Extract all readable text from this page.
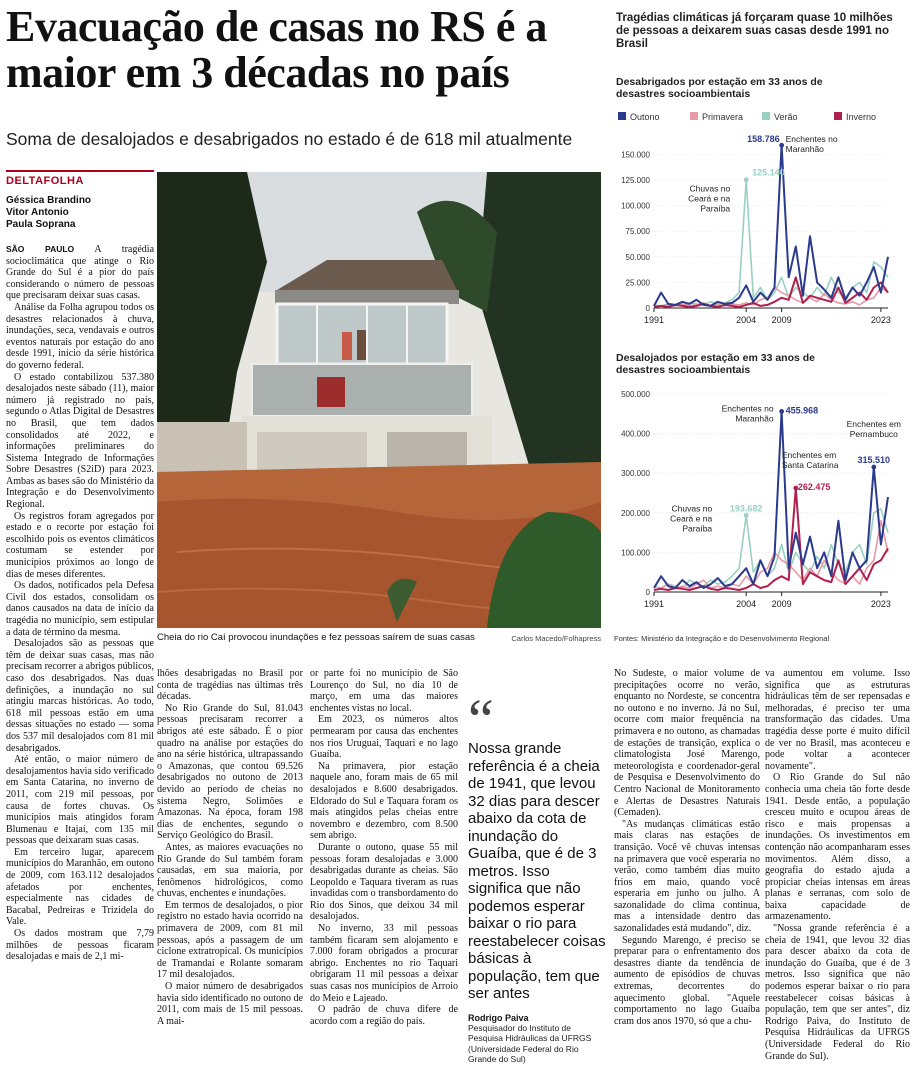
Evacuação de casas no RS é a maior em 3 décadas no país
Soma de desalojados e desabrigados no estado é de 618 mil atualmente
DELTAFOLHA
Géssica Brandino
Vitor Antonio
Paula Soprana

SÃO PAULO A tragédia socioclimática que atinge o Rio Grande do Sul é a pior do país considerando o número de pessoas que precisaram deixar suas casas.

Análise da Folha agrupou todos os desastres relacionados à chuva, inundações, seca, vendavais e outros eventos naturais por estação do ano desde 1991, início da série histórica do governo federal.

O estado contabilizou 537.380 desalojados neste sábado (11), maior número já registrado no país, segundo o Atlas Digital de Desastres no Brasil, que tem dados consolidados até 2022, e informações preliminares do Sistema Integrado de Informações Sobre Desastres (S2iD) para 2023. Ambas as bases são do Ministério da Integração e do Desenvolvimento Regional.

Os registros foram agregados por estado e o recorte por estação foi escolhido pois os eventos climáticos costumam se estender por municípios próximos ao longo de dias de meses diferentes.

Os dados, notificados pela Defesa Civil dos estados, consolidam os danos causados na data de início da tragédia no município, sem estipular a data de término da mesma.

Desalojados são as pessoas que têm de deixar suas casas, mas não precisam recorrer a abrigos públicos, caso dos desabrigados. Nas duas definições, a inundação no sul atingiu marcas históricas. Ao todo, 618 mil pessoas estão em uma dessas situações no estado — soma dos 537 mil desalojados com 81 mil desabrigados.

Até então, o maior número de desalojamentos havia sido verificado em Santa Catarina, no inverno de 2011, com 219 mil pessoas, por causa de fortes chuvas. Os municípios mais atingidos foram Blumenau e Itajaí, com 135 mil pessoas que deixaram suas casas.

Em terceiro lugar, aparecem municípios do Maranhão, em outono de 2009, com 163.112 desalojados afetados por enchentes, especialmente nas cidades de Bacabal, Pedreiras e Trizidela do Vale.

Os dados mostram que 7,79 milhões de pessoas ficaram desalojadas e mais de 2,1 mi-

Cheia do rio Caí provocou inundações e fez pessoas saírem de suas casas	Carlos Macedo/Folhapress

lhões desabrigadas no Brasil por conta de tragédias nas últimas três décadas.

No Rio Grande do Sul, 81.043 pessoas precisaram recorrer a abrigos até este sábado. É o pior quadro na análise por estações do ano na série histórica, ultrapassando o Amazonas, que contou 69.526 desabrigados no outono de 2013 devido ao período de cheias no sistema Negro, Solimões e Amazonas. Na época, foram 198 dias de enchentes, segundo o Serviço Geológico do Brasil.

Antes, as maiores evacuações no Rio Grande do Sul também foram causadas, em sua maioria, por fenômenos hidrológicos, como chuvas, enchentes e inundações.

Em termos de desalojados, o pior registro no estado havia ocorrido na primavera de 2009, com 81 mil pessoas, após a passagem de um ciclone extratropical. Os municípios de Tramandaí e Rolante somaram 17 mil desalojados.

O maior número de desabrigados havia sido identificado no outono de 2011, com mais de 15 mil pessoas. A mai-

or parte foi no município de São Lourenço do Sul, no dia 10 de março, em uma das maiores enchentes vistas no local.

Em 2023, os números altos permearam por causa das enchentes nos rios Uruguai, Taquari e no lago Guaíba.

Na primavera, pior estação naquele ano, foram mais de 65 mil desalojados e 8.600 desabrigados. Eldorado do Sul e Taquara foram os mais atingidos pelas cheias entre novembro e dezembro, com 8.500 sem abrigo.

Durante o outono, quase 55 mil pessoas foram desalojadas e 3.000 desabrigadas durante as cheias. São Leopoldo e Taquara tiveram as ruas invadidas com o transbordamento do Rio dos Sinos, que deixou 34 mil desalojados.

No inverno, 33 mil pessoas também ficaram sem alojamento e 7.000 foram obrigados a procurar abrigo. Enchentes no rio Taquari obrigaram 11 mil pessoas a deixar suas casas nos municípios de Arroio do Meio e Lajeado.

O padrão de chuva difere de acordo com a região do país.

“
Nossa grande referência é a cheia de 1941, que levou 32 dias para descer abaixo da cota de inundação do Guaíba, que é de 3 metros. Isso significa que não podemos esperar baixar o rio para reestabelecer coisas básicas à população, tem que ser antes
Rodrigo Paiva
Pesquisador do Instituto de Pesquisa Hidráulicas da UFRGS (Universidade Federal do Rio Grande do Sul)

No Sudeste, o maior volume de precipitações ocorre no verão, enquanto no Nordeste, se concentra no outono e no inverno. Já no Sul, ocorre com maior frequência na primavera e no outono, as chamadas de estações de transição, explica o climatologista José Marengo, meteorologista e coordenador-geral de Pesquisa e Desenvolvimento do Centro Nacional de Monitoramento e Alertas de Desastres Naturais (Cemaden).

"As mudanças climáticas estão mais claras nas estações de transição. Você vê chuvas intensas na primavera que você esperaria no verão, como também dias muito frios em maio, quando você esperaria em junho ou julho. A sazonalidade do clima continua, mas a intensidade dentro das sazonalidades está mudando", diz.

Segundo Marengo, é preciso se preparar para o enfrentamento dos desastres diante da tendência de aumento de episódios de chuvas extremas, decorrentes do aquecimento global. "Aquele comportamento no lago Guaíba cram dos anos 1970, só que a chu-

va aumentou em volume. Isso significa que as estruturas hidráulicas têm de ser repensadas e melhoradas, é preciso ter uma transformação das cidades. Uma tragédia desse porte é muito difícil de ver no Brasil, mas aconteceu e pode voltar a acontecer novamente".

O Rio Grande do Sul não conhecia uma cheia tão forte desde 1941. Desde então, a população cresceu muito e ocupou áreas de risco e mais propensas a inundações. Os investimentos em contenção não acompanharam esses movimentos. Além disso, a geografia do estado ajuda a propiciar cheias intensas em áreas planas e serranas, com solo de baixa capacidade de armazenamento.

"Nossa grande referência é a cheia de 1941, que levou 32 dias para descer abaixo da cota de inundação do Guaíba, que é de 3 metros. Isso significa que não podemos esperar baixar o rio para reestabelecer coisas básicas à população, tem que ser antes", diz Rodrigo Paiva, do Instituto de Pesquisa Hidráulicas da UFRGS (Universidade Federal do Rio Grande do Sul).

Tragédias climáticas já forçaram quase 10 milhões de pessoas a deixarem suas casas desde 1991 no Brasil
Desabrigados por estação em 33 anos de desastres socioambientais
Outono	Primavera	Verão	Inverno
0
25.000
50.000
75.000
100.000
125.000
150.000
1991	2004 2009	2023
158.786 Enchentes no
Maranhão
125.140
Chuvas no
Ceará e na
Paraíba
Desalojados por estação em 33 anos de desastres socioambientais
0
100.000
200.000
300.000
400.000
500.000
1991	2004 2009	2023
455.968
Enchentes no
Maranhão
262.475
Enchentes em
Santa Catarina
315.510
Enchentes em
Pernambuco
193.682
Chuvas no
Ceará e na
Paraíba
Fontes: Ministério da Integração e do Desenvolvimento Regional
